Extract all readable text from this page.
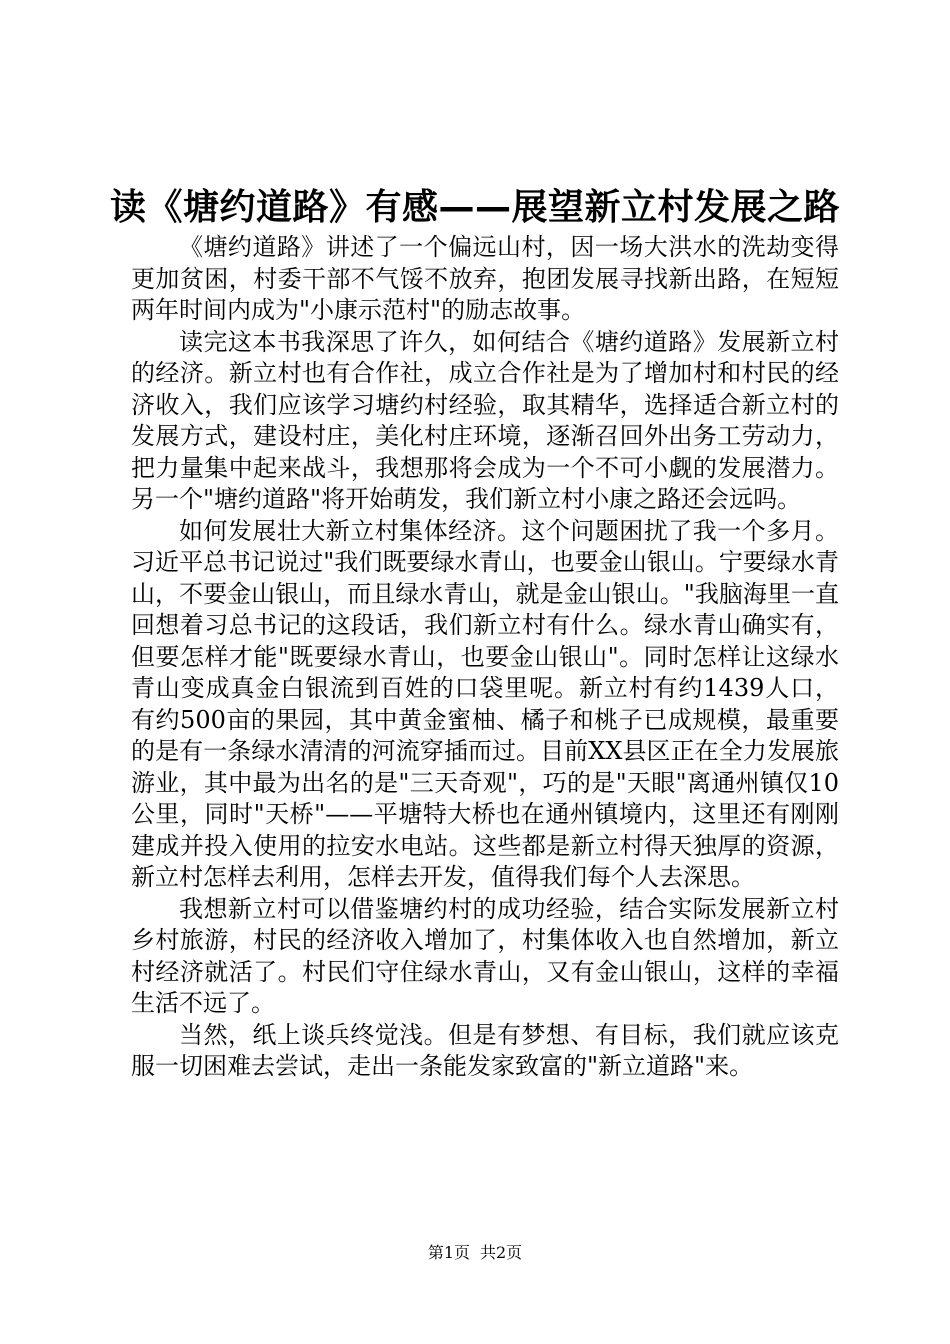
读《塘约道路》有感——展望新立村发展之路

《塘约道路》讲述了一个偏远山村，因一场大洪水的洗劫变得更加贫困，村委干部不气馁不放弃，抱团发展寻找新出路，在短短两年时间内成为"小康示范村"的励志故事。

读完这本书我深思了许久，如何结合《塘约道路》发展新立村的经济。新立村也有合作社，成立合作社是为了增加村和村民的经济收入，我们应该学习塘约村经验，取其精华，选择适合新立村的发展方式，建设村庄，美化村庄环境，逐渐召回外出务工劳动力，把力量集中起来战斗，我想那将会成为一个不可小觑的发展潜力。另一个"塘约道路"将开始萌发，我们新立村小康之路还会远吗。

如何发展壮大新立村集体经济。这个问题困扰了我一个多月。习近平总书记说过"我们既要绿水青山，也要金山银山。宁要绿水青山，不要金山银山，而且绿水青山，就是金山银山。"我脑海里一直回想着习总书记的这段话，我们新立村有什么。绿水青山确实有，但要怎样才能"既要绿水青山，也要金山银山"。同时怎样让这绿水青山变成真金白银流到百姓的口袋里呢。新立村有约1439人口，有约500亩的果园，其中黄金蜜柚、橘子和桃子已成规模，最重要的是有一条绿水清清的河流穿插而过。目前XX县区正在全力发展旅游业，其中最为出名的是"三天奇观"，巧的是"天眼"离通州镇仅10公里，同时"天桥"——平塘特大桥也在通州镇境内，这里还有刚刚建成并投入使用的拉安水电站。这些都是新立村得天独厚的资源，新立村怎样去利用，怎样去开发，值得我们每个人去深思。

我想新立村可以借鉴塘约村的成功经验，结合实际发展新立村乡村旅游，村民的经济收入增加了，村集体收入也自然增加，新立村经济就活了。村民们守住绿水青山，又有金山银山，这样的幸福生活不远了。

当然，纸上谈兵终觉浅。但是有梦想、有目标，我们就应该克服一切困难去尝试，走出一条能发家致富的"新立道路"来。

第1页 共2页
